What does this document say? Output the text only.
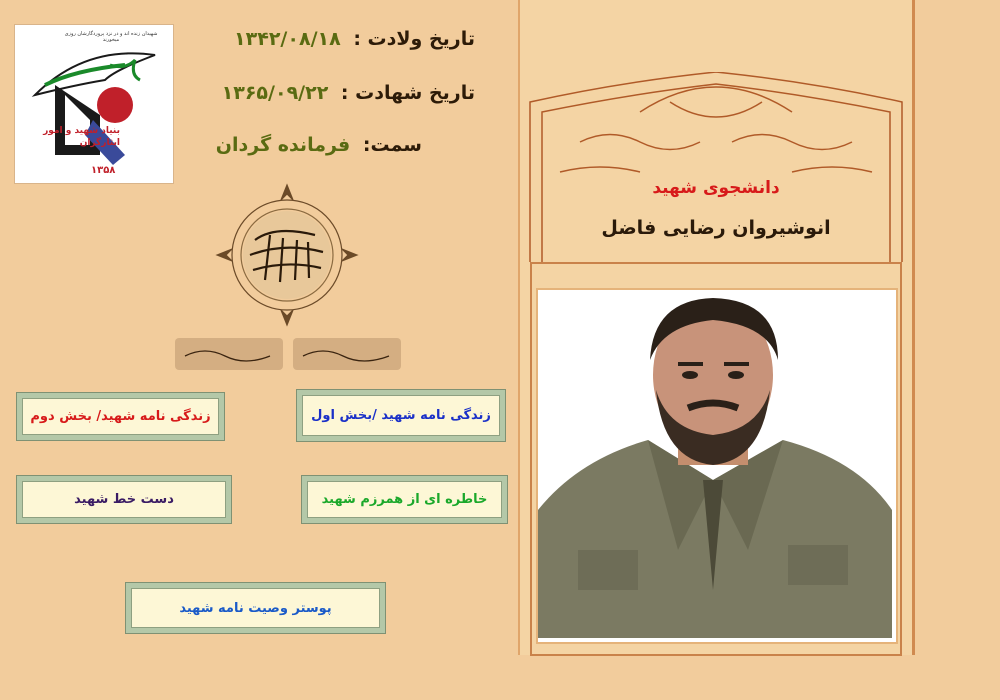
شهیدان زنده اند و در نزد پروردگارشان روزی میخورند
بنیاد شهید و امور ایثارگران
۱۳۵۸
تاریخ ولادت : ۱۳۴۲/۰۸/۱۸
تاریخ شهادت : ۱۳۶۵/۰۹/۲۲
سمت: فرمانده گردان
دانشجوی شهید
انوشیروان رضایی فاضل
زندگی نامه شهید/ بخش دوم	زندگی نامه شهید /بخش اول
دست خط شهید	خاطره ای از همرزم شهید
پوستر وصیت نامه شهید
